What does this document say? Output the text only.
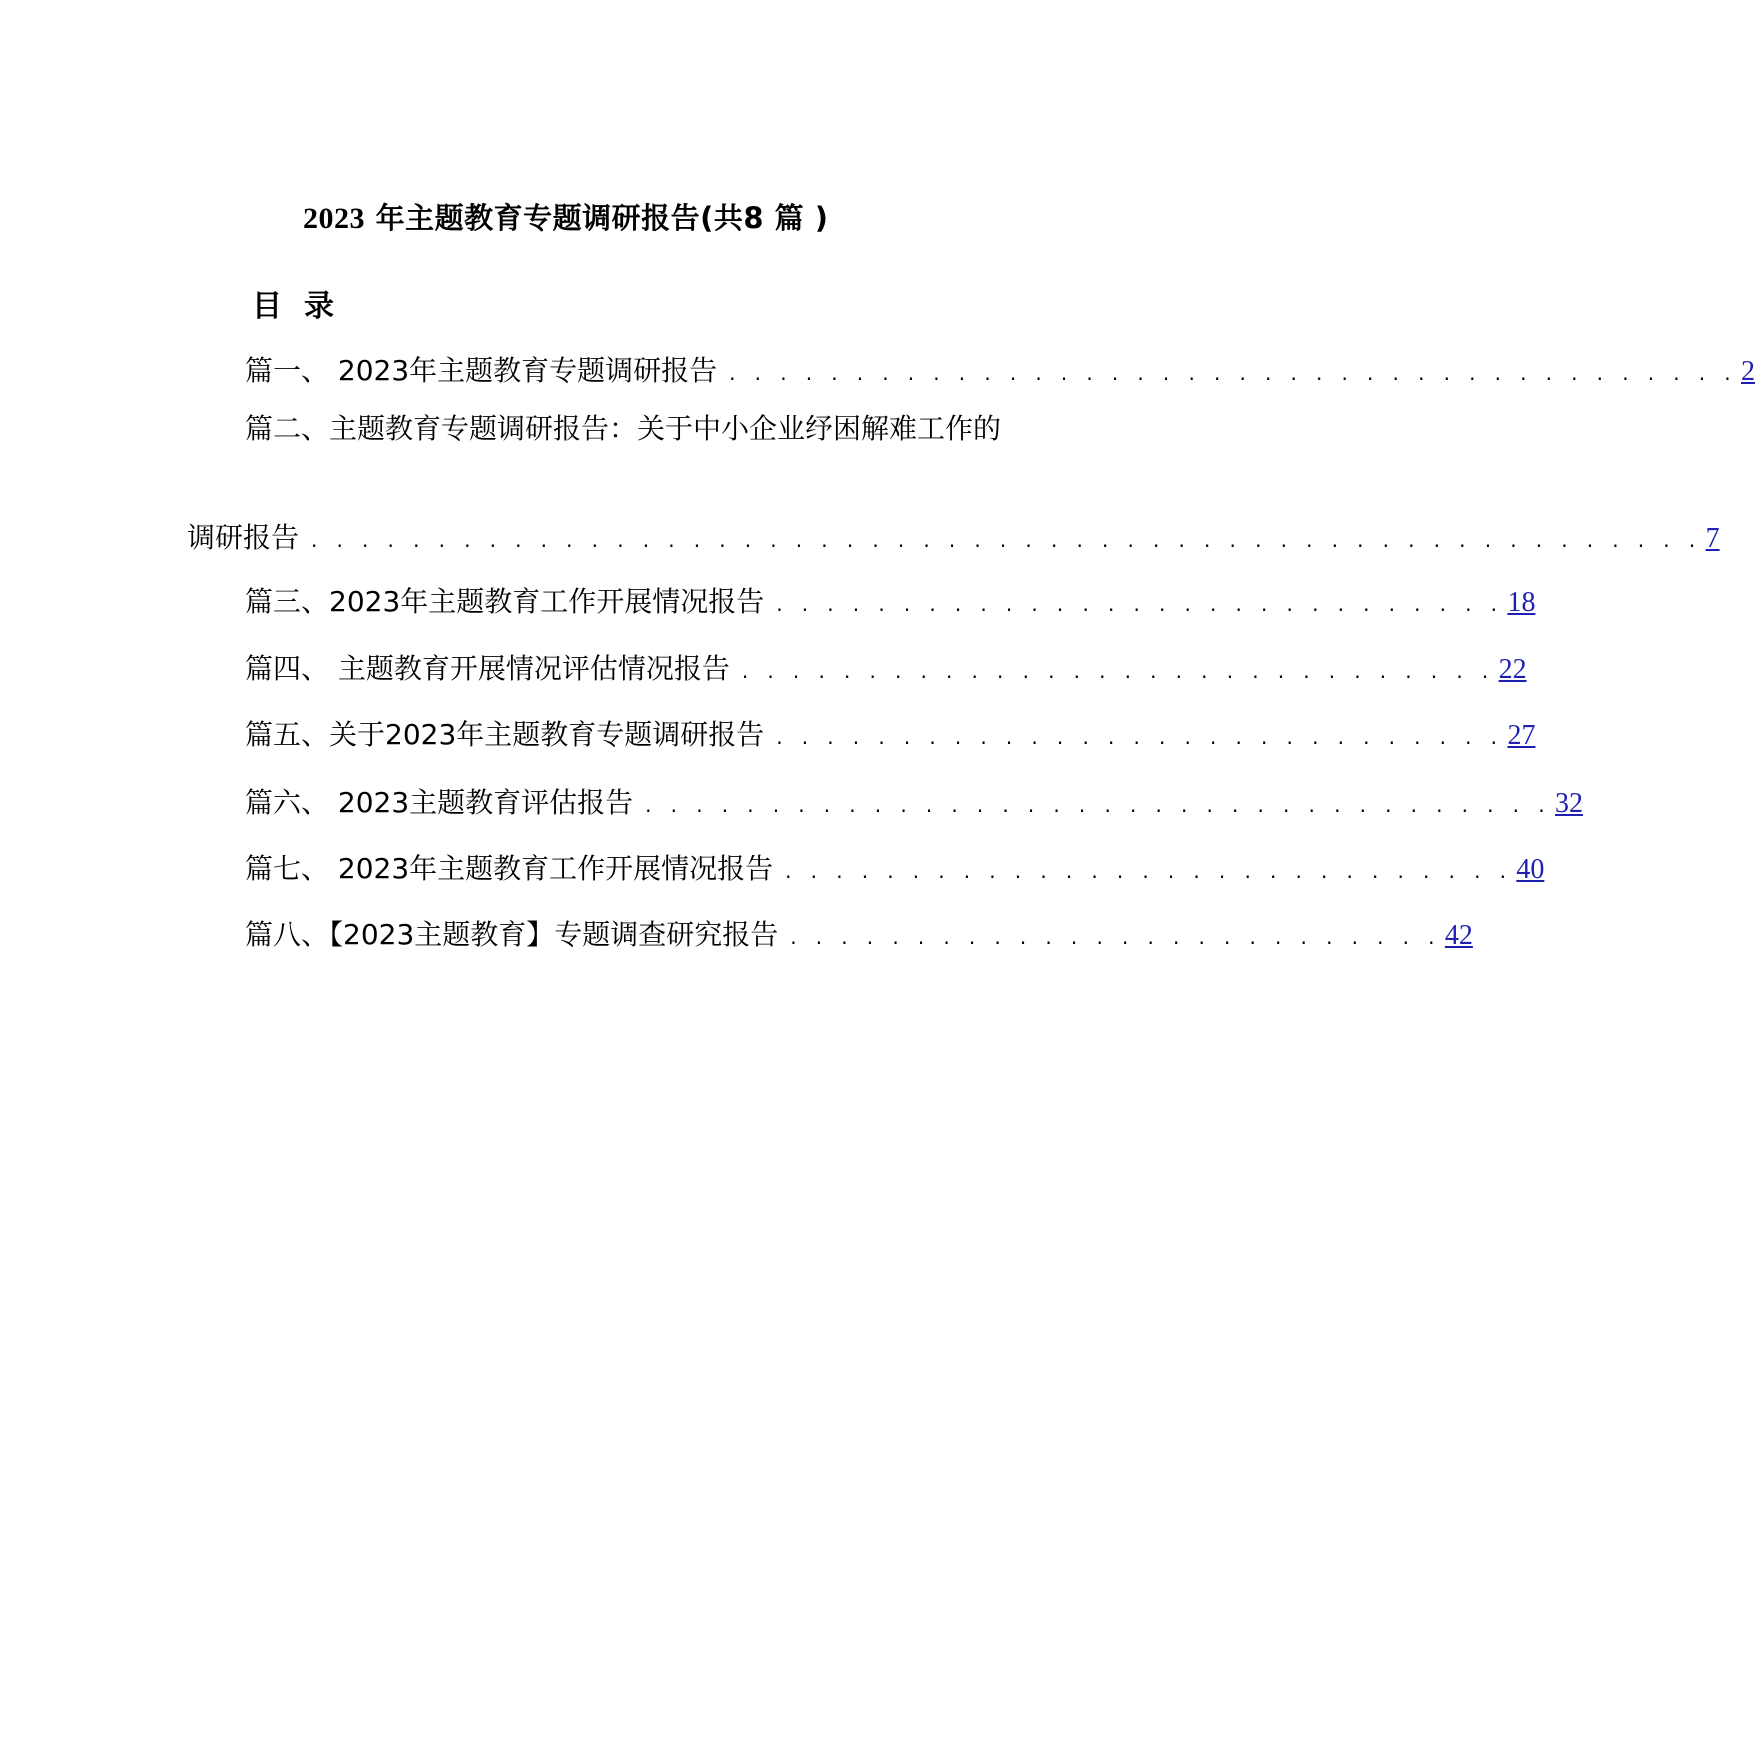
2023 年主题教育专题调研报告(共8 篇 )
目录
篇一、 2023年主题教育专题调研报告 . . . . . . . . . . . . . . . . . . . . . . . . . . . . . . . . . . . . . . . . 2
篇二、主题教育专题调研报告：关于中小企业纾困解难工作的
调研报告 . . . . . . . . . . . . . . . . . . . . . . . . . . . . . . . . . . . . . . . . . . . . . . . . . . . . . . . 7
篇三、2023年主题教育工作开展情况报告 . . . . . . . . . . . . . . . . . . . . . . . . . . . . . 18
篇四、 主题教育开展情况评估情况报告 . . . . . . . . . . . . . . . . . . . . . . . . . . . . . . 22
篇五、关于2023年主题教育专题调研报告 . . . . . . . . . . . . . . . . . . . . . . . . . . . . . 27
篇六、 2023主题教育评估报告 . . . . . . . . . . . . . . . . . . . . . . . . . . . . . . . . . . . . 32
篇七、 2023年主题教育工作开展情况报告 . . . . . . . . . . . . . . . . . . . . . . . . . . . . . 40
篇八、【2023主题教育】专题调查研究报告 . . . . . . . . . . . . . . . . . . . . . . . . . . 42
